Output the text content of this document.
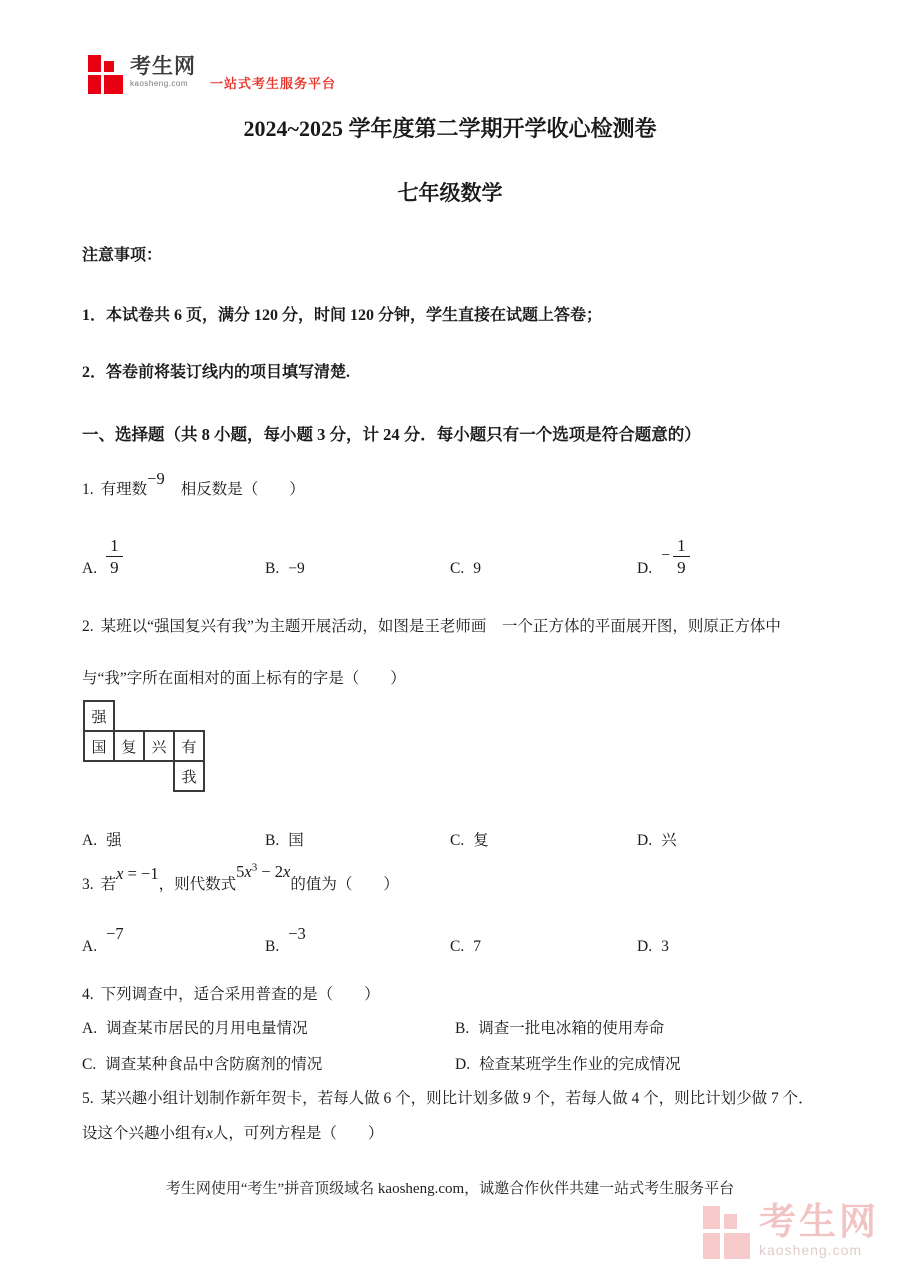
考生网
kaosheng.com	一站式考生服务平台
2024~2025 学年度第二学期开学收心检测卷
七年级数学
注意事项：
1．本试卷共 6 页，满分 120 分，时间 120 分钟，学生直接在试题上答卷；
2．答卷前将装订线内的项目填写清楚.
一、选择题（共 8 小题，每小题 3 分，计 24 分．每小题只有一个选项是符合题意的）
1. 有理数−9相反数是（　　）
A. $\frac{1}{9}$	B. −9	C. 9	D.
− $\frac{1}{9}$
2. 某班以“强国复兴有我”为主题开展活动，如图是王老师画　一个正方体的平面展开图，则原正方体中
与“我”字所在面相对的面上标有的字是（　　）
强
国 复 兴 有
我
A. 强	B. 国	C. 复	D. 兴
3. 若x = −1，则代数式$5x^3 - 2x$的值为（　　）
A.
−7
B.
−3
C. 7	D. 3
4. 下列调查中，适合采用普查的是（　　）
A. 调查某市居民的月用电量情况	B. 调查一批电冰箱的使用寿命
C. 调查某种食品中含防腐剂的情况	D. 检查某班学生作业的完成情况
5. 某兴趣小组计划制作新年贺卡，若每人做 6 个，则比计划多做 9 个，若每人做 4 个，则比计划少做 7 个．
设这个兴趣小组有x人，可列方程是（　　）
考生网使用“考生”拼音顶级域名 kaosheng.com，诚邀合作伙伴共建一站式考生服务平台
考生网
kaosheng.com
